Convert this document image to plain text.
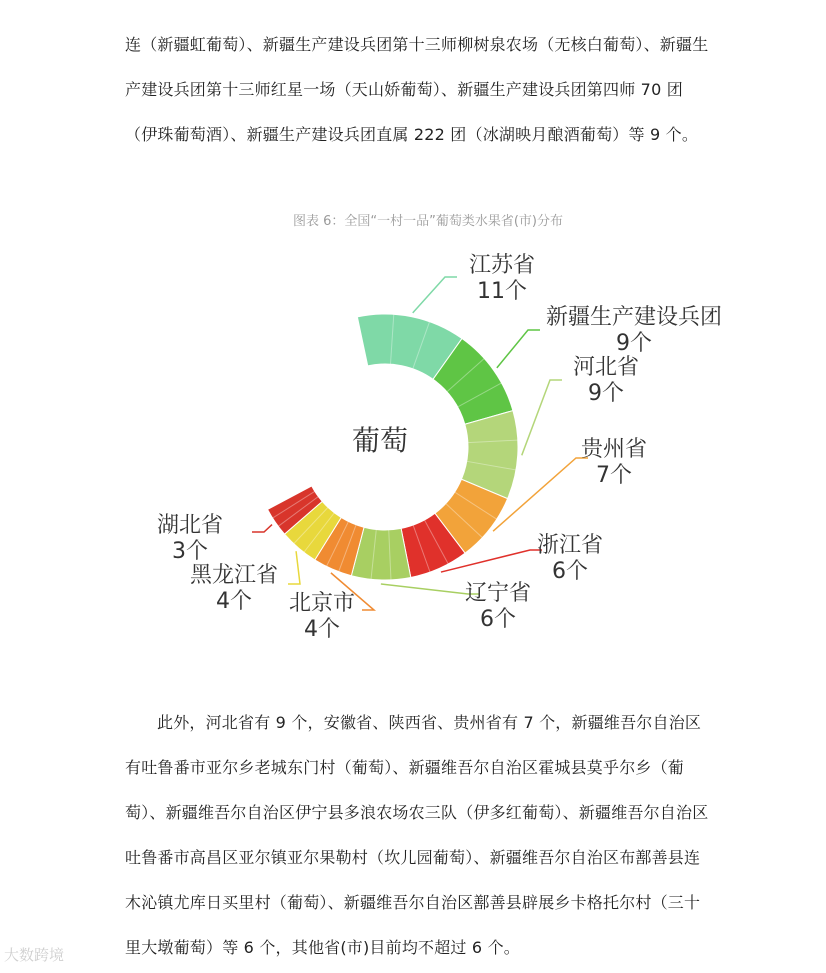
连（新疆虹葡萄）、新疆生产建设兵团第十三师柳树泉农场（无核白葡萄）、新疆生产建设兵团第十三师红星一场（天山娇葡萄）、新疆生产建设兵团第四师 70 团（伊珠葡萄酒）、新疆生产建设兵团直属 222 团（冰湖映月酿酒葡萄）等 9 个。
图表 6：全国“一村一品”葡萄类水果省(市)分布
江苏省
11个
新疆生产建设兵团
9个
河北省
9个
贵州省
7个
浙江省
6个
辽宁省
6个
北京市
4个
黑龙江省
4个
湖北省
3个
葡萄
此外，河北省有 9 个，安徽省、陕西省、贵州省有 7 个，新疆维吾尔自治区有吐鲁番市亚尔乡老城东门村（葡萄）、新疆维吾尔自治区霍城县莫乎尔乡（葡萄）、新疆维吾尔自治区伊宁县多浪农场农三队（伊多红葡萄）、新疆维吾尔自治区吐鲁番市高昌区亚尔镇亚尔果勒村（坎儿园葡萄）、新疆维吾尔自治区布鄯善县连木沁镇尤库日买里村（葡萄）、新疆维吾尔自治区鄯善县辟展乡卡格托尔村（三十里大墩葡萄）等 6 个，其他省(市)目前均不超过 6 个。
大数跨境
